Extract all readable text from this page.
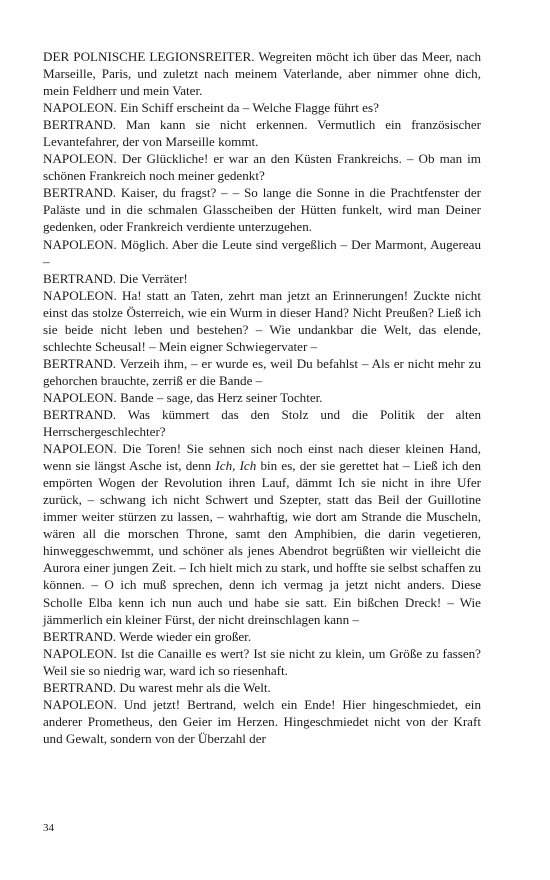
DER POLNISCHE LEGIONSREITER. Wegreiten möcht ich über das Meer, nach Marseille, Paris, und zuletzt nach meinem Vaterlande, aber nimmer ohne dich, mein Feldherr und mein Vater.

NAPOLEON. Ein Schiff erscheint da – Welche Flagge führt es?

BERTRAND. Man kann sie nicht erkennen. Vermutlich ein französischer Levantefahrer, der von Marseille kommt.

NAPOLEON. Der Glückliche! er war an den Küsten Frankreichs. – Ob man im schönen Frankreich noch meiner gedenkt?

BERTRAND. Kaiser, du fragst? – – So lange die Sonne in die Prachtfenster der Paläste und in die schmalen Glasscheiben der Hütten funkelt, wird man Deiner gedenken, oder Frankreich verdiente unterzugehen.

NAPOLEON. Möglich. Aber die Leute sind vergeßlich – Der Marmont, Augereau –

BERTRAND. Die Verräter!

NAPOLEON. Ha! statt an Taten, zehrt man jetzt an Erinnerungen! Zuckte nicht einst das stolze Österreich, wie ein Wurm in dieser Hand? Nicht Preußen? Ließ ich sie beide nicht leben und bestehen? – Wie undankbar die Welt, das elende, schlechte Scheusal! – Mein eigner Schwiegervater –

BERTRAND. Verzeih ihm, – er wurde es, weil Du befahlst – Als er nicht mehr zu gehorchen brauchte, zerriß er die Bande –

NAPOLEON. Bande – sage, das Herz seiner Tochter.

BERTRAND. Was kümmert das den Stolz und die Politik der alten Herrschergeschlechter?

NAPOLEON. Die Toren! Sie sehnen sich noch einst nach dieser kleinen Hand, wenn sie längst Asche ist, denn Ich, Ich bin es, der sie gerettet hat – Ließ ich den empörten Wogen der Revolution ihren Lauf, dämmt Ich sie nicht in ihre Ufer zurück, – schwang ich nicht Schwert und Szepter, statt das Beil der Guillotine immer weiter stürzen zu lassen, – wahrhaftig, wie dort am Strande die Muscheln, wären all die morschen Throne, samt den Amphibien, die darin vegetieren, hinweggeschwemmt, und schöner als jenes Abendrot begrüßten wir vielleicht die Aurora einer jungen Zeit. – Ich hielt mich zu stark, und hoffte sie selbst schaffen zu können. – O ich muß sprechen, denn ich vermag ja jetzt nicht anders. Diese Scholle Elba kenn ich nun auch und habe sie satt. Ein bißchen Dreck! – Wie jämmerlich ein kleiner Fürst, der nicht dreinschlagen kann –

BERTRAND. Werde wieder ein großer.

NAPOLEON. Ist die Canaille es wert? Ist sie nicht zu klein, um Größe zu fassen? Weil sie so niedrig war, ward ich so riesenhaft.

BERTRAND. Du warest mehr als die Welt.

NAPOLEON. Und jetzt! Bertrand, welch ein Ende! Hier hingeschmiedet, ein anderer Prometheus, den Geier im Herzen. Hingeschmiedet nicht von der Kraft und Gewalt, sondern von der Überzahl der

34
